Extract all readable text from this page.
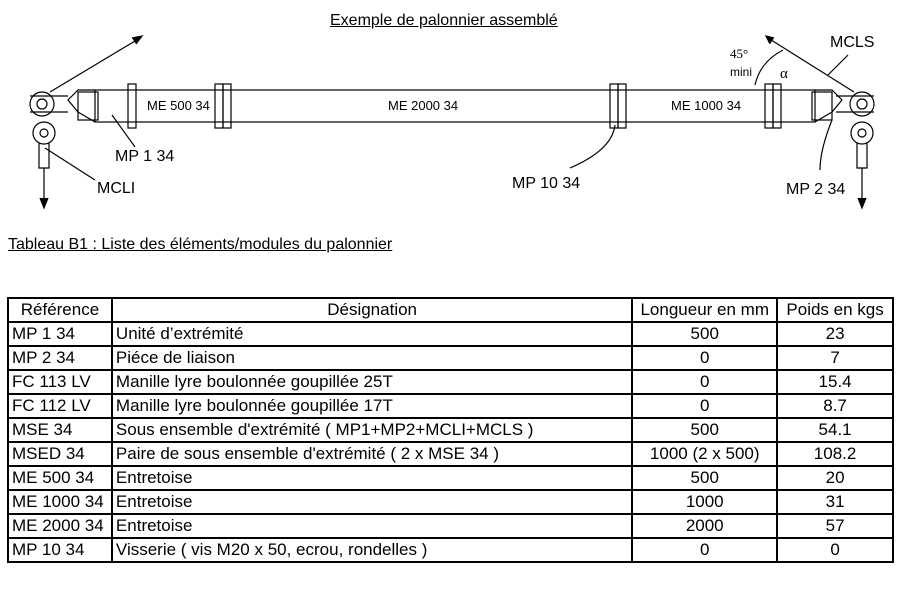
Exemple de palonnier assemblé
ME 500 34	ME 2000 34	ME 1000 34
MP 1 34
MCLI	MP 10 34	MP 2 34
MCLS
45°
mini α
Tableau B1 : Liste des éléments/modules du palonnier
Référence	Désignation	Longueur en mm	Poids en kgs
MP 1 34	Unité d’extrémité	500	23
MP 2 34	Piéce de liaison	0	7
FC 113 LV	Manille lyre boulonnée goupillée 25T	0	15.4
FC 112 LV	Manille lyre boulonnée goupillée 17T	0	8.7
MSE 34	Sous ensemble d'extrémité ( MP1+MP2+MCLI+MCLS )	500	54.1
MSED 34	Paire de sous ensemble d'extrémité ( 2 x MSE 34 )	1000 (2 x 500)	108.2
ME 500 34	Entretoise	500	20
ME 1000 34	Entretoise	1000	31
ME 2000 34	Entretoise	2000	57
MP 10 34	Visserie ( vis M20 x 50, ecrou, rondelles )	0	0
